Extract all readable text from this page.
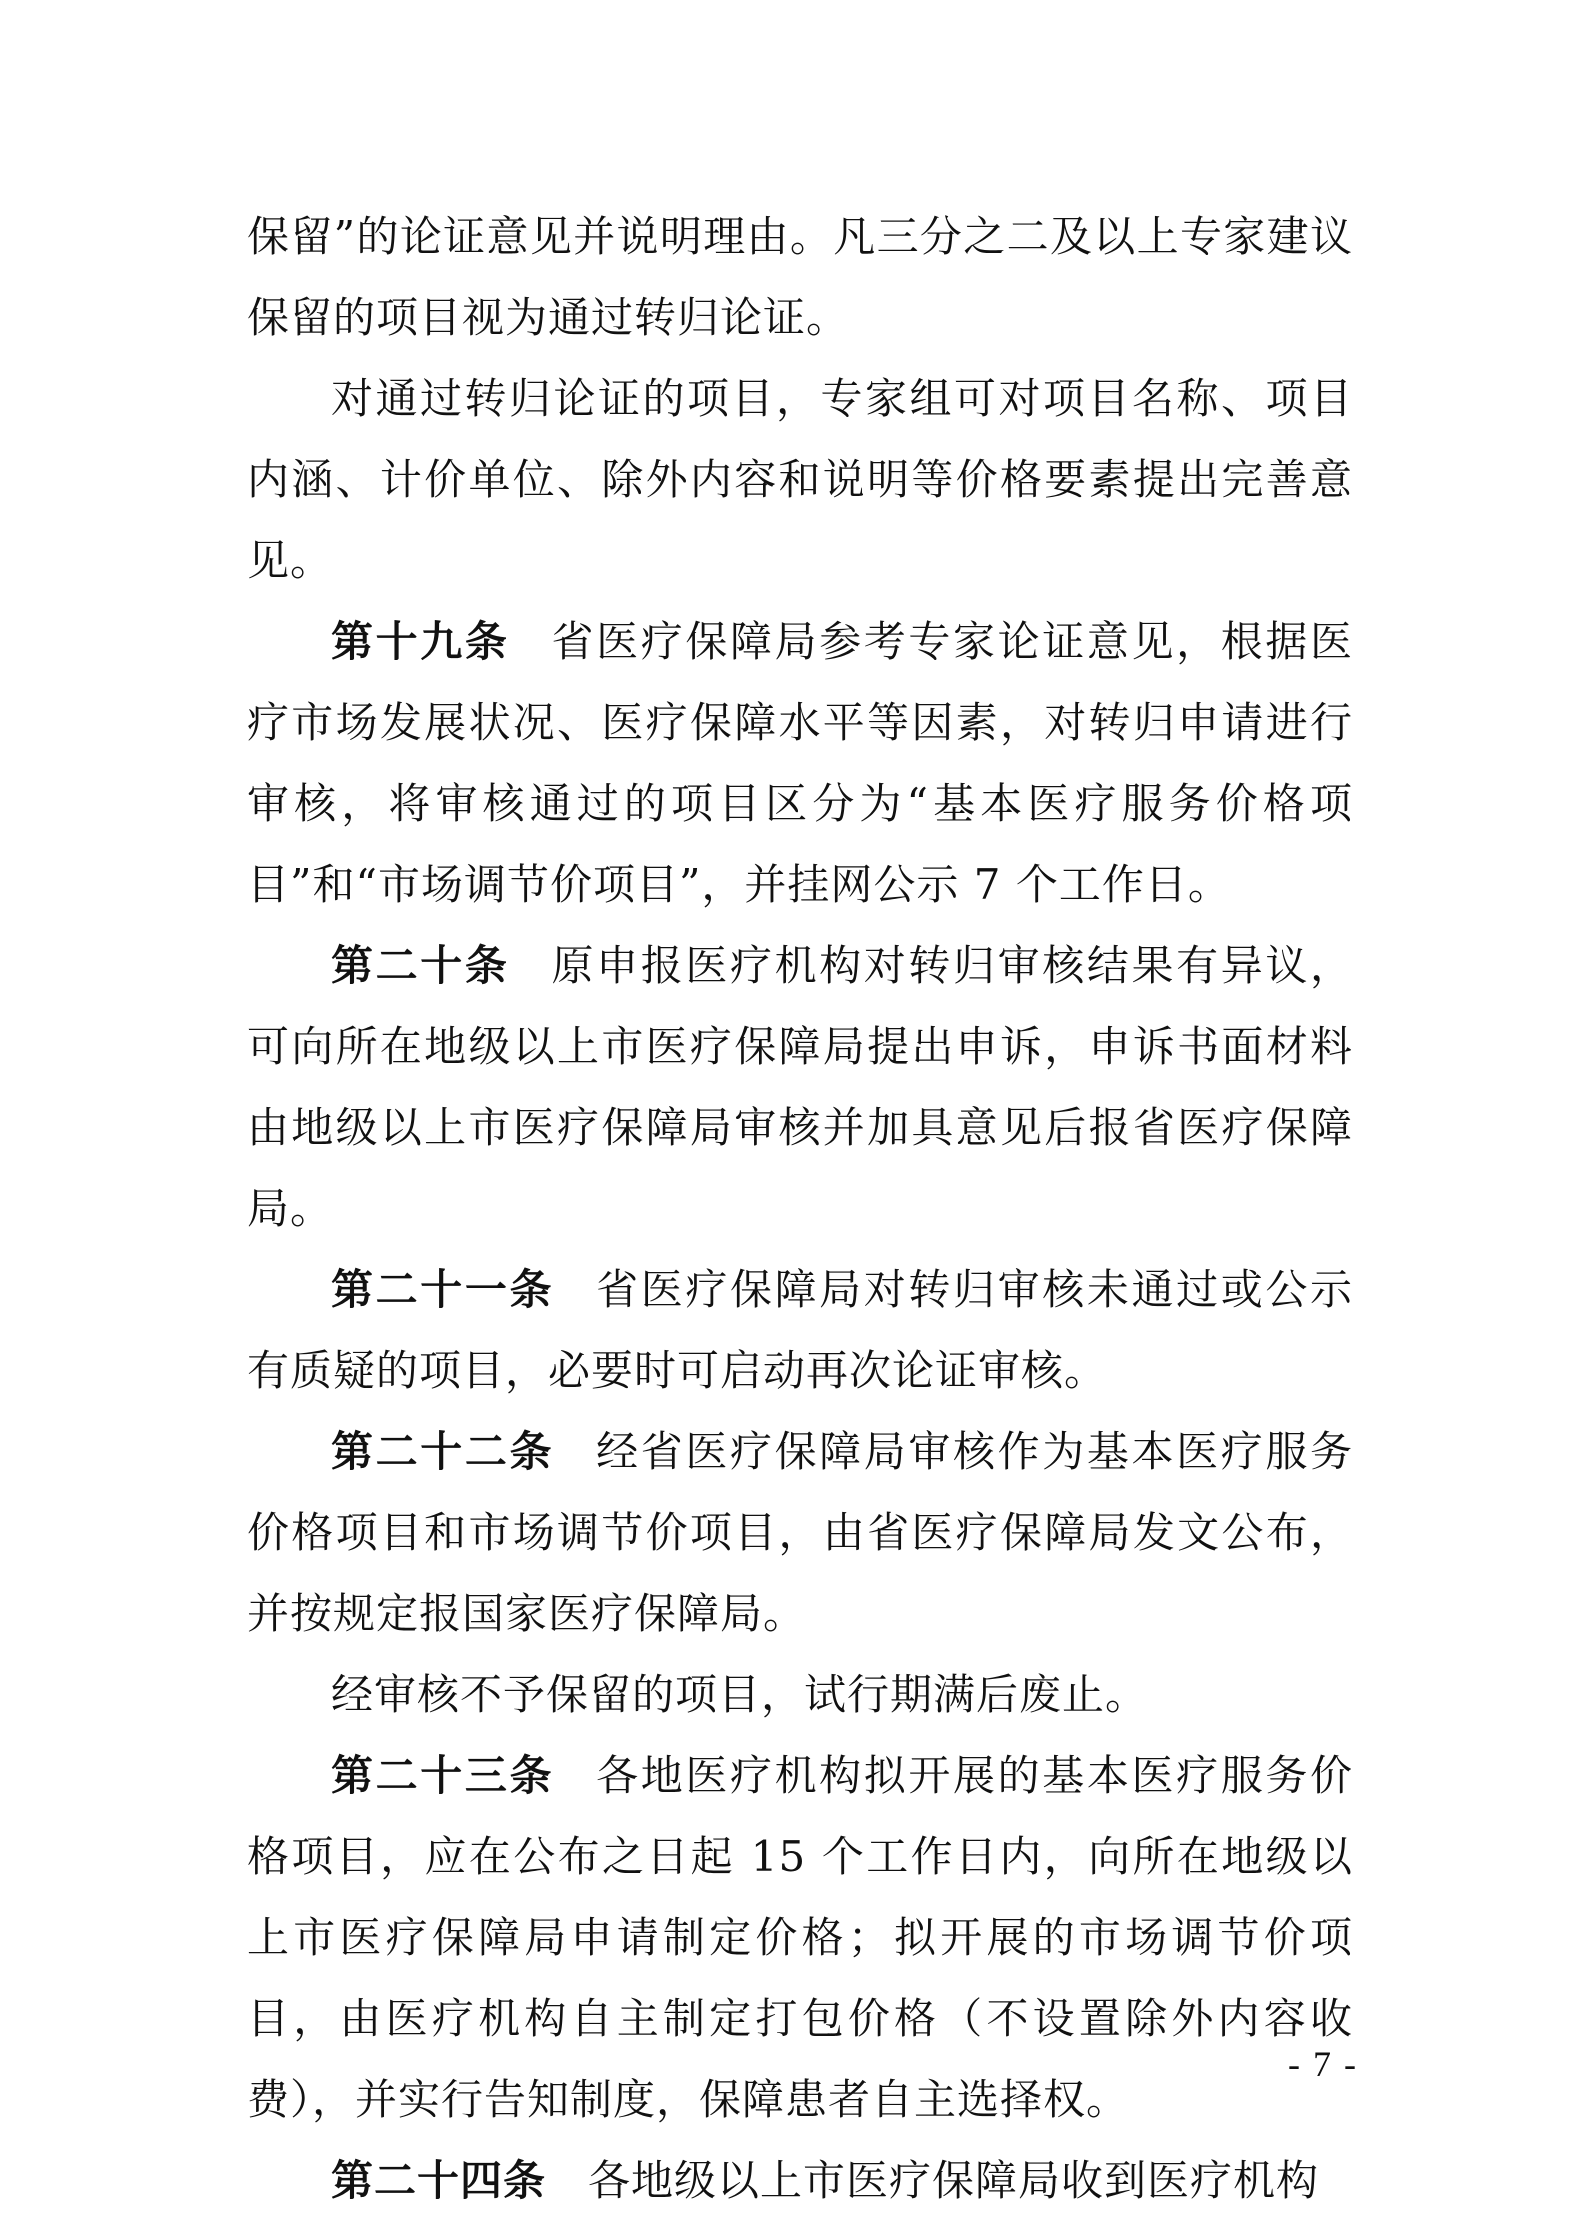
保留”的论证意见并说明理由。凡三分之二及以上专家建议保留的项目视为通过转归论证。

对通过转归论证的项目，专家组可对项目名称、项目内涵、计价单位、除外内容和说明等价格要素提出完善意见。

第十九条 省医疗保障局参考专家论证意见，根据医疗市场发展状况、医疗保障水平等因素，对转归申请进行审核，将审核通过的项目区分为“基本医疗服务价格项目”和“市场调节价项目”，并挂网公示 7 个工作日。

第二十条 原申报医疗机构对转归审核结果有异议，可向所在地级以上市医疗保障局提出申诉，申诉书面材料由地级以上市医疗保障局审核并加具意见后报省医疗保障局。

第二十一条 省医疗保障局对转归审核未通过或公示有质疑的项目，必要时可启动再次论证审核。

第二十二条 经省医疗保障局审核作为基本医疗服务价格项目和市场调节价项目，由省医疗保障局发文公布，并按规定报国家医疗保障局。

经审核不予保留的项目，试行期满后废止。

第二十三条 各地医疗机构拟开展的基本医疗服务价格项目，应在公布之日起 15 个工作日内，向所在地级以上市医疗保障局申请制定价格；拟开展的市场调节价项目，由医疗机构自主制定打包价格（不设置除外内容收费），并实行告知制度，保障患者自主选择权。

第二十四条 各地级以上市医疗保障局收到医疗机构

- 7 -
